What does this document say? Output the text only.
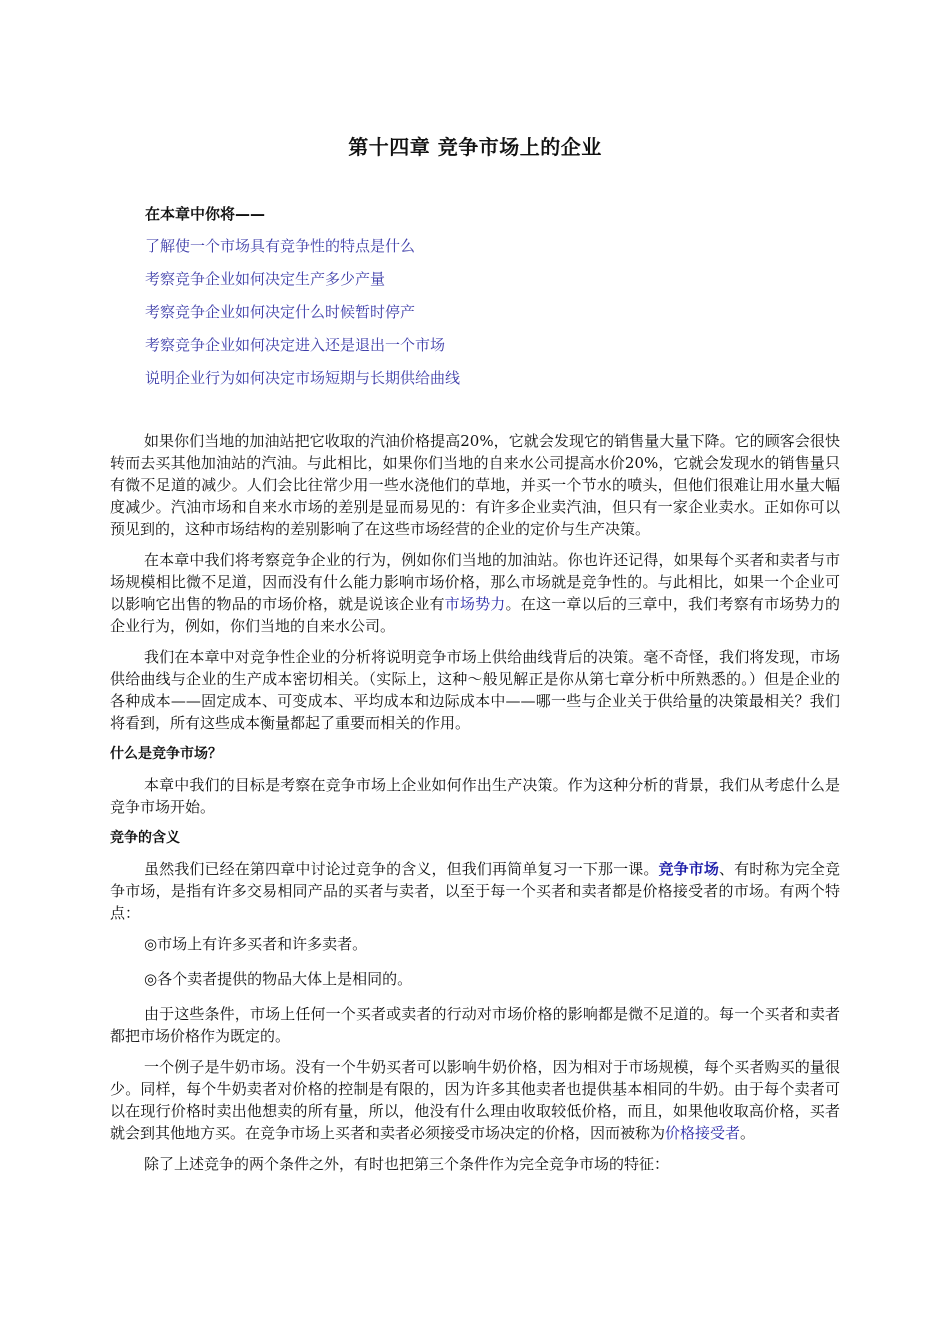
第十四章 竞争市场上的企业

在本章中你将——

了解使一个市场具有竞争性的特点是什么
考察竞争企业如何决定生产多少产量
考察竞争企业如何决定什么时候暂时停产
考察竞争企业如何决定进入还是退出一个市场
说明企业行为如何决定市场短期与长期供给曲线

如果你们当地的加油站把它收取的汽油价格提高20%，它就会发现它的销售量大量下降。它的顾客会很快转而去买其他加油站的汽油。与此相比，如果你们当地的自来水公司提高水价20%，它就会发现水的销售量只有微不足道的减少。人们会比往常少用一些水浇他们的草地，并买一个节水的喷头，但他们很难让用水量大幅度减少。汽油市场和自来水市场的差别是显而易见的：有许多企业卖汽油，但只有一家企业卖水。正如你可以预见到的，这种市场结构的差别影响了在这些市场经营的企业的定价与生产决策。

在本章中我们将考察竞争企业的行为，例如你们当地的加油站。你也许还记得，如果每个买者和卖者与市场规模相比微不足道，因而没有什么能力影响市场价格，那么市场就是竞争性的。与此相比，如果一个企业可以影响它出售的物品的市场价格，就是说该企业有市场势力。在这一章以后的三章中，我们考察有市场势力的企业行为，例如，你们当地的自来水公司。

我们在本章中对竞争性企业的分析将说明竞争市场上供给曲线背后的决策。毫不奇怪，我们将发现，市场供给曲线与企业的生产成本密切相关。（实际上，这种～般见解正是你从第七章分析中所熟悉的。）但是企业的各种成本——固定成本、可变成本、平均成本和边际成本中——哪一些与企业关于供给量的决策最相关？我们将看到，所有这些成本衡量都起了重要而相关的作用。

什么是竞争市场？

本章中我们的目标是考察在竞争市场上企业如何作出生产决策。作为这种分析的背景，我们从考虑什么是竞争市场开始。

竞争的含义

虽然我们已经在第四章中讨论过竞争的含义，但我们再简单复习一下那一课。竞争市场、有时称为完全竞争市场，是指有许多交易相同产品的买者与卖者，以至于每一个买者和卖者都是价格接受者的市场。有两个特点：

◎市场上有许多买者和许多卖者。

◎各个卖者提供的物品大体上是相同的。

由于这些条件，市场上任何一个买者或卖者的行动对市场价格的影响都是微不足道的。每一个买者和卖者都把市场价格作为既定的。

一个例子是牛奶市场。没有一个牛奶买者可以影响牛奶价格，因为相对于市场规模，每个买者购买的量很少。同样，每个牛奶卖者对价格的控制是有限的，因为许多其他卖者也提供基本相同的牛奶。由于每个卖者可以在现行价格时卖出他想卖的所有量，所以，他没有什么理由收取较低价格，而且，如果他收取高价格，买者就会到其他地方买。在竞争市场上买者和卖者必须接受市场决定的价格，因而被称为价格接受者。

除了上述竞争的两个条件之外，有时也把第三个条件作为完全竞争市场的特征：
